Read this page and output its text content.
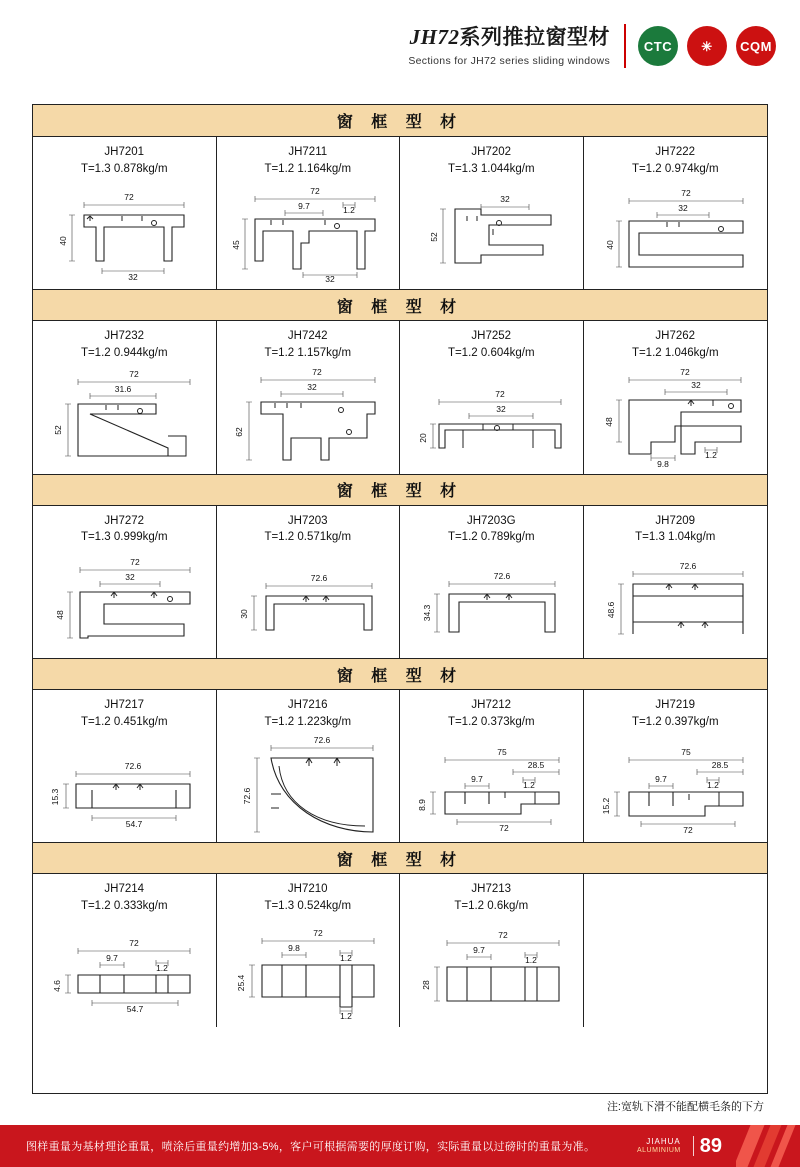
JH72系列推拉窗型材
Sections for JH72 series sliding windows
CTC ✳ CQM
窗 框 型 材
JH7201
T=1.3 0.878kg/m
72
40
32
JH7211
T=1.2 1.164kg/m
72
9.7	1.2
45
32
JH7202
T=1.3 1.044kg/m
32
52
JH7222
T=1.2 0.974kg/m
72
32
40
窗 框 型 材
JH7232
T=1.2 0.944kg/m
72
31.6
52
JH7242
T=1.2 1.157kg/m
72
32
62
JH7252
T=1.2 0.604kg/m
72
32
20
JH7262
T=1.2 1.046kg/m
72
32
48
9.8
1.2
窗 框 型 材
JH7272
T=1.3 0.999kg/m
72
32
48
JH7203
T=1.2 0.571kg/m
72.6
30
JH7203G
T=1.2 0.789kg/m
72.6
34.3
JH7209
T=1.3 1.04kg/m
72.6
48.6
窗 框 型 材
JH7217
T=1.2 0.451kg/m
72.6
15.3
54.7
JH7216
T=1.2 1.223kg/m
72.6
72.6
JH7212
T=1.2 0.373kg/m
75
28.5
9.7
1.2
8.9
72
JH7219
T=1.2 0.397kg/m
75
28.5
9.7
1.2
15.2
72
窗 框 型 材
JH7214
T=1.2 0.333kg/m
72
9.7
1.2
4.6
54.7
JH7210
T=1.3 0.524kg/m
72
9.8
1.2
25.4
1.2
JH7213
T=1.2 0.6kg/m
72
9.7
1.2
28
注:宽轨下滑不能配横毛条的下方
图样重量为基材理论重量，喷涂后重量约增加3-5%，客户可根据需要的厚度订购，实际重量以过磅时的重量为准。	JIAHUA
ALUMINIUM 89
